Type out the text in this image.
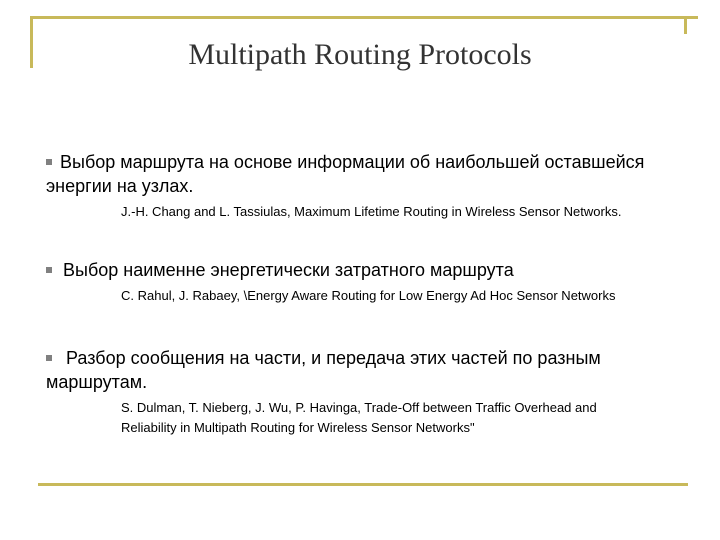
Multipath Routing Protocols
Выбор маршрута на основе информации об наибольшей оставшейся энергии на узлах.
J.-H. Chang and L. Tassiulas, Maximum Lifetime Routing in Wireless Sensor Networks.
Выбор наименне энергетически затратного маршрута
C. Rahul, J. Rabaey, \Energy Aware Routing for Low Energy Ad Hoc Sensor Networks
Разбор сообщения на части, и передача этих частей по разным маршрутам.
S. Dulman, T. Nieberg, J. Wu, P. Havinga, Trade-Off between Traffic Overhead and Reliability in Multipath Routing for Wireless Sensor Networks"
